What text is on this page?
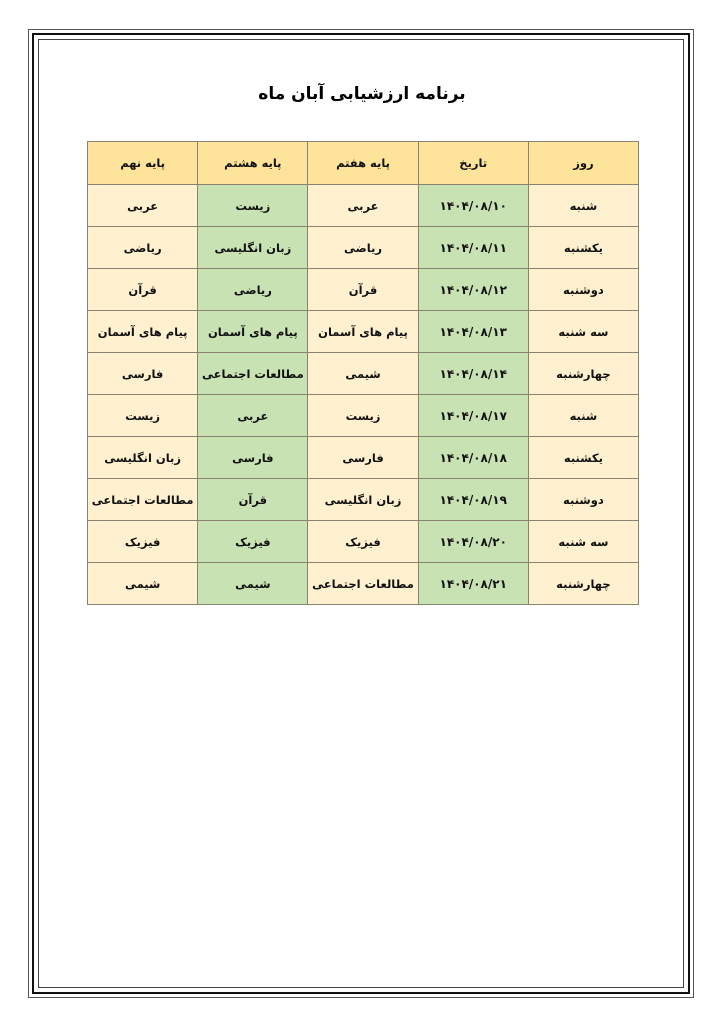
برنامه ارزشیابی آبان ماه
روز	تاریخ	پایه هفتم	پایه هشتم	پایه نهم
شنبه	۱۴۰۴/۰۸/۱۰	عربی	زیست	عربی
یکشنبه	۱۴۰۴/۰۸/۱۱	ریاضی	زبان انگلیسی	ریاضی
دوشنبه	۱۴۰۴/۰۸/۱۲	قرآن	ریاضی	قرآن
سه شنبه	۱۴۰۴/۰۸/۱۳	پیام های آسمان	پیام های آسمان	پیام های آسمان
چهارشنبه	۱۴۰۴/۰۸/۱۴	شیمی	مطالعات اجتماعی	فارسی
شنبه	۱۴۰۴/۰۸/۱۷	زیست	عربی	زیست
یکشنبه	۱۴۰۴/۰۸/۱۸	فارسی	فارسی	زبان انگلیسی
دوشنبه	۱۴۰۴/۰۸/۱۹	زبان انگلیسی	قرآن	مطالعات اجتماعی
سه شنبه	۱۴۰۴/۰۸/۲۰	فیزیک	فیزیک	فیزیک
چهارشنبه	۱۴۰۴/۰۸/۲۱	مطالعات اجتماعی	شیمی	شیمی
